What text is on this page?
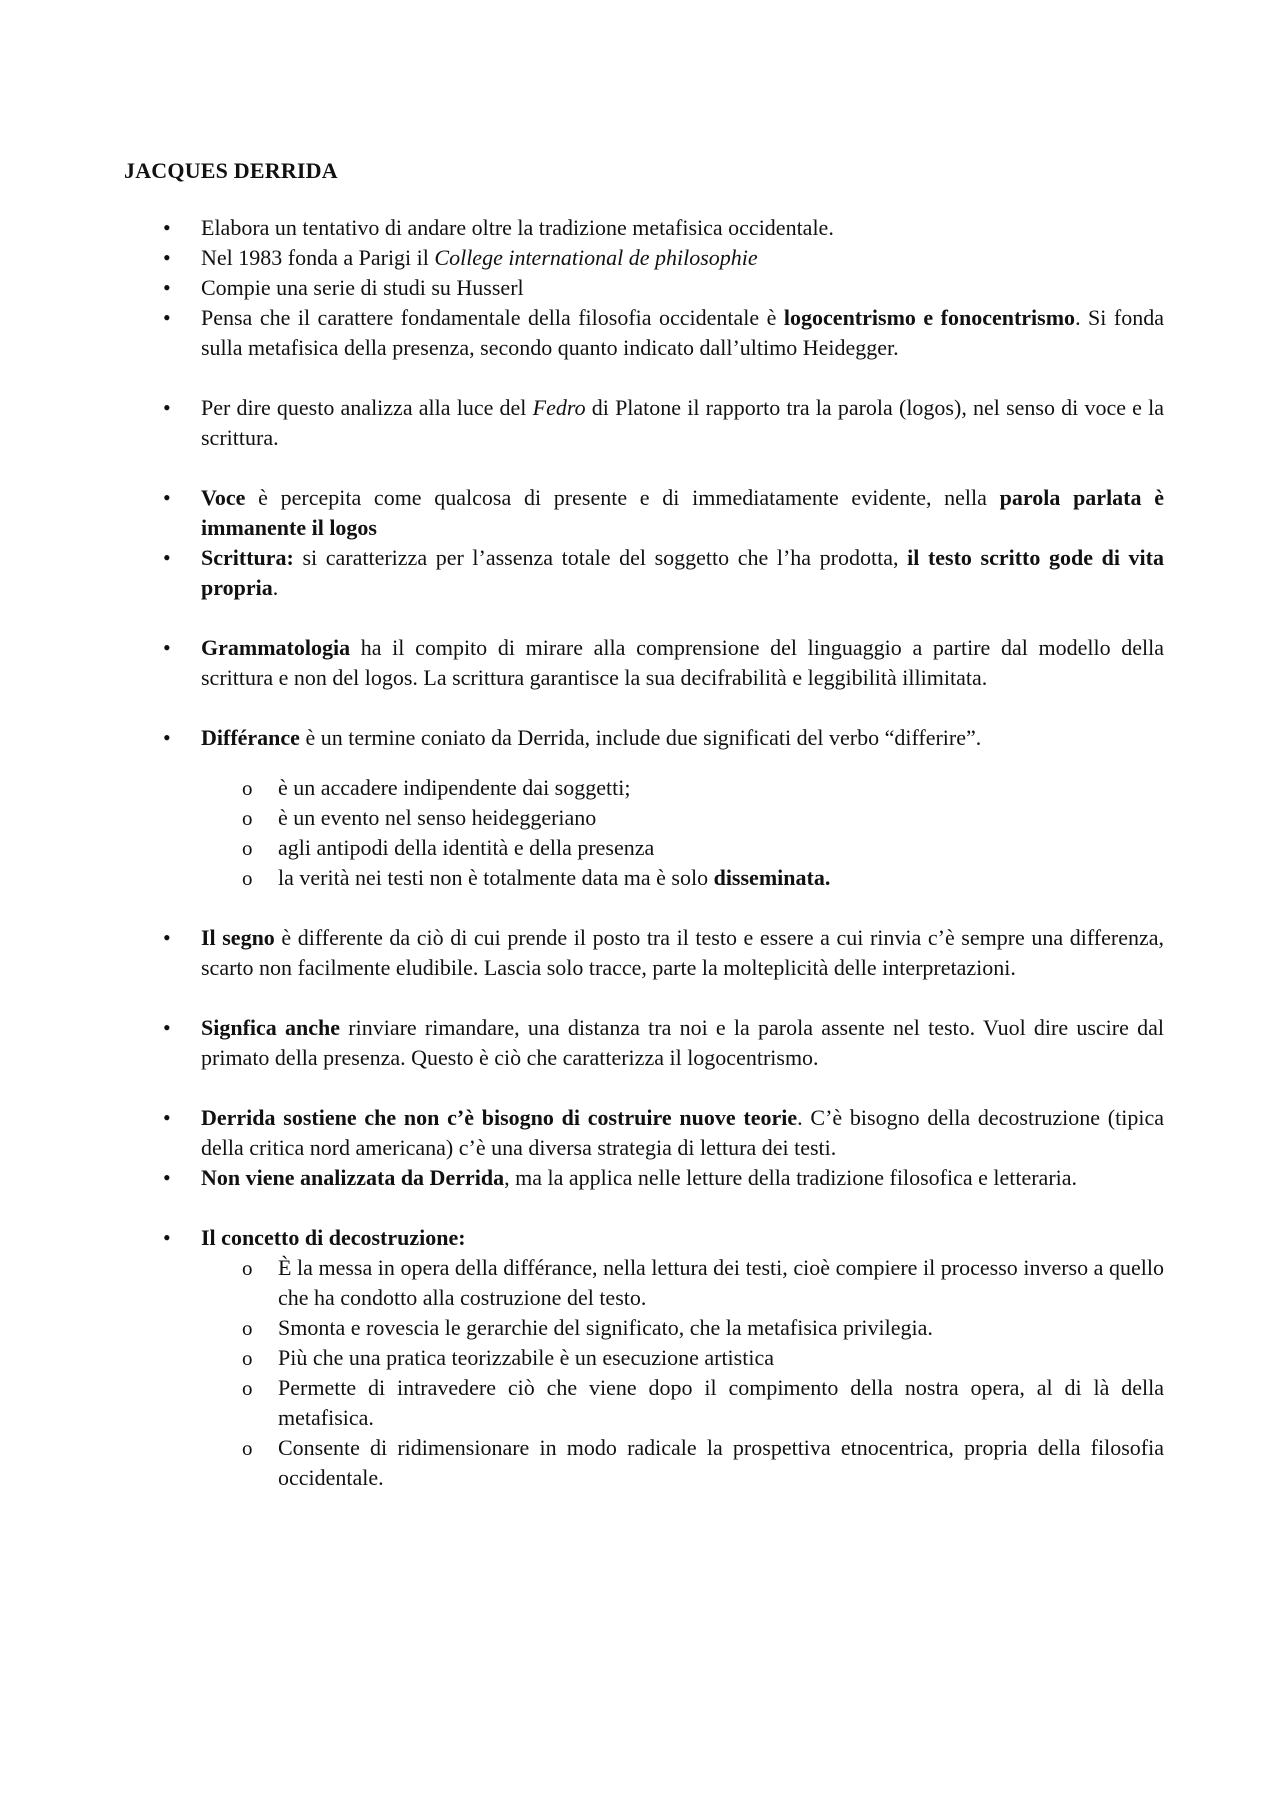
JACQUES DERRIDA
• Elabora un tentativo di andare oltre la tradizione metafisica occidentale.
• Nel 1983 fonda a Parigi il College international de philosophie
• Compie una serie di studi su Husserl
• Pensa che il carattere fondamentale della filosofia occidentale è logocentrismo e fonocentrismo. Si fonda sulla metafisica della presenza, secondo quanto indicato dall’ultimo Heidegger.
• Per dire questo analizza alla luce del Fedro di Platone il rapporto tra la parola (logos), nel senso di voce e la scrittura.
• Voce è percepita come qualcosa di presente e di immediatamente evidente, nella parola parlata è immanente il logos
• Scrittura: si caratterizza per l’assenza totale del soggetto che l’ha prodotta, il testo scritto gode di vita propria.
• Grammatologia ha il compito di mirare alla comprensione del linguaggio a partire dal modello della scrittura e non del logos. La scrittura garantisce la sua decifrabilità e leggibilità illimitata.
• Différance è un termine coniato da Derrida, include due significati del verbo “differire”.
o è un accadere indipendente dai soggetti;
o è un evento nel senso heideggeriano
o agli antipodi della identità e della presenza
o la verità nei testi non è totalmente data ma è solo disseminata.
• Il segno è differente da ciò di cui prende il posto tra il testo e essere a cui rinvia c’è sempre una differenza, scarto non facilmente eludibile. Lascia solo tracce, parte la molteplicità delle interpretazioni.
• Signfica anche rinviare rimandare, una distanza tra noi e la parola assente nel testo. Vuol dire uscire dal primato della presenza. Questo è ciò che caratterizza il logocentrismo.
• Derrida sostiene che non c’è bisogno di costruire nuove teorie. C’è bisogno della decostruzione (tipica della critica nord americana) c’è una diversa strategia di lettura dei testi.
• Non viene analizzata da Derrida, ma la applica nelle letture della tradizione filosofica e letteraria.
• Il concetto di decostruzione:
o È la messa in opera della différance, nella lettura dei testi, cioè compiere il processo inverso a quello che ha condotto alla costruzione del testo.
o Smonta e rovescia le gerarchie del significato, che la metafisica privilegia.
o Più che una pratica teorizzabile è un esecuzione artistica
o Permette di intravedere ciò che viene dopo il compimento della nostra opera, al di là della metafisica.
o Consente di ridimensionare in modo radicale la prospettiva etnocentrica, propria della filosofia occidentale.
